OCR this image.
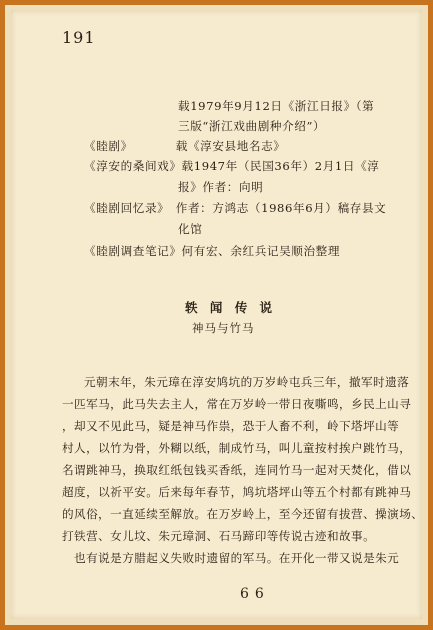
191
载1979年9月12日《浙江日报》（第
三版“浙江戏曲剧种介绍”）
《睦剧》　　　　载《淳安县地名志》
《淳安的桑间戏》载1947年（民国36年）2月1日《淳
报》作者：向明
《睦剧回忆录》　作者：方鸿志（1986年6月）稿存县文
化馆
《睦剧调查笔记》何有宏、余红兵记吴顺治整理
轶 闻 传 说
神马与竹马
元朝末年，朱元璋在淳安鸠坑的万岁岭屯兵三年，撤军时遗落
一匹军马，此马失去主人，常在万岁岭一带日夜嘶鸣，乡民上山寻
，却又不见此马，疑是神马作祟，恐于人畜不利，岭下塔坪山等
村人，以竹为骨，外糊以纸，制成竹马，叫儿童按村挨户跳竹马，
名谓跳神马，换取红纸包钱买香纸，连同竹马一起对天焚化，借以
超度，以祈平安。后来每年春节，鸠坑塔坪山等五个村都有跳神马
的风俗，一直延续至解放。在万岁岭上，至今还留有拔营、操演场、
打铁营、女儿坟、朱元璋洞、石马蹄印等传说古迹和故事。
　也有说是方腊起义失败时遗留的军马。在开化一带又说是朱元
66
